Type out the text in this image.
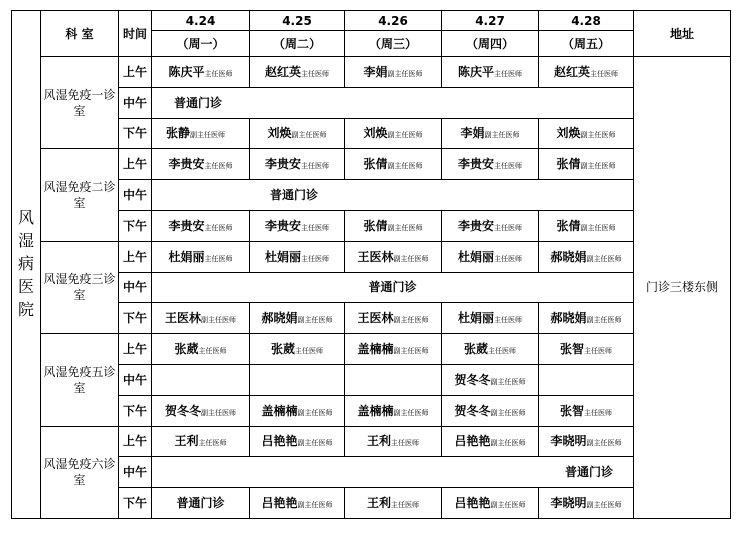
风
湿
病
医
院	科 室	时间	4.24	4.25	4.26	4.27	4.28	地址
			（周一）	（周二）	（周三）	（周四）	（周五）	
	风湿免疫一诊室	上午	陈庆平主任医师	赵红英主任医师	李娟副主任医师	陈庆平主任医师	赵红英主任医师	门诊三楼东侧
		中午	普通门诊					
		下午	张静副主任医师	刘焕副主任医师	刘焕副主任医师	李娟副主任医师	刘焕副主任医师	
	风湿免疫二诊室	上午	李贵安主任医师	李贵安主任医师	张倩副主任医师	李贵安主任医师	张倩副主任医师	
		中午	普通门诊					
		下午	李贵安主任医师	李贵安主任医师	张倩副主任医师	李贵安主任医师	张倩副主任医师	
	风湿免疫三诊室	上午	杜娟丽主任医师	杜娟丽主任医师	王医林副主任医师	杜娟丽主任医师	郝晓娟副主任医师	
		中午	普通门诊					
		下午	王医林副主任医师	郝晓娟副主任医师	王医林副主任医师	杜娟丽主任医师	郝晓娟副主任医师	
	风湿免疫五诊室	上午	张葳主任医师	张葳主任医师	盖楠楠副主任医师	张葳主任医师	张智主任医师	
		中午				贺冬冬副主任医师		
		下午	贺冬冬副主任医师	盖楠楠副主任医师	盖楠楠副主任医师	贺冬冬副主任医师	张智主任医师	
	风湿免疫六诊室	上午	王利主任医师	吕艳艳副主任医师	王利主任医师	吕艳艳副主任医师	李晓明副主任医师	
		中午	普通门诊					
		下午	普通门诊	吕艳艳副主任医师	王利主任医师	吕艳艳副主任医师	李晓明副主任医师	
